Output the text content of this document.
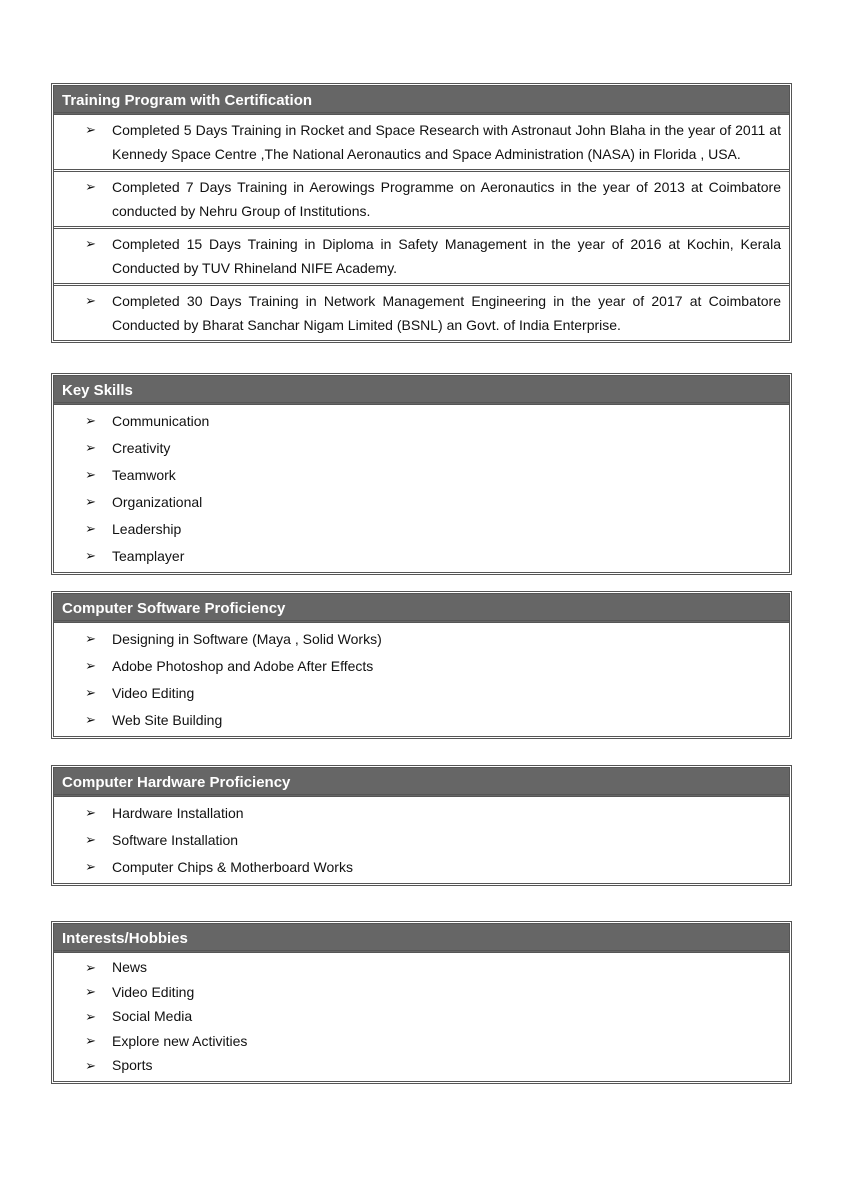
Training Program with Certification
➢	Completed 5 Days Training in Rocket and Space Research with Astronaut John Blaha in the year of 2011 at Kennedy Space Centre ,The National Aeronautics and Space Administration (NASA) in Florida , USA.
➢	Completed 7 Days Training in Aerowings Programme on Aeronautics in the year of 2013 at Coimbatore conducted by Nehru Group of Institutions.
➢	Completed 15 Days Training in Diploma in Safety Management in the year of 2016 at Kochin, Kerala Conducted by TUV Rhineland NIFE Academy.
➢	Completed 30 Days Training in Network Management Engineering in the year of 2017 at Coimbatore Conducted by Bharat Sanchar Nigam Limited (BSNL) an Govt. of India Enterprise.
Key Skills
➢	Communication
➢	Creativity
➢	Teamwork
➢	Organizational
➢	Leadership
➢	Teamplayer
Computer Software Proficiency
➢	Designing in Software (Maya , Solid Works)
➢	Adobe Photoshop and Adobe After Effects
➢	Video Editing
➢	Web Site Building
Computer Hardware Proficiency
➢	Hardware Installation
➢	Software Installation
➢	Computer Chips & Motherboard Works
Interests/Hobbies
➢	News
➢	Video Editing
➢	Social Media
➢	Explore new Activities
➢	Sports
